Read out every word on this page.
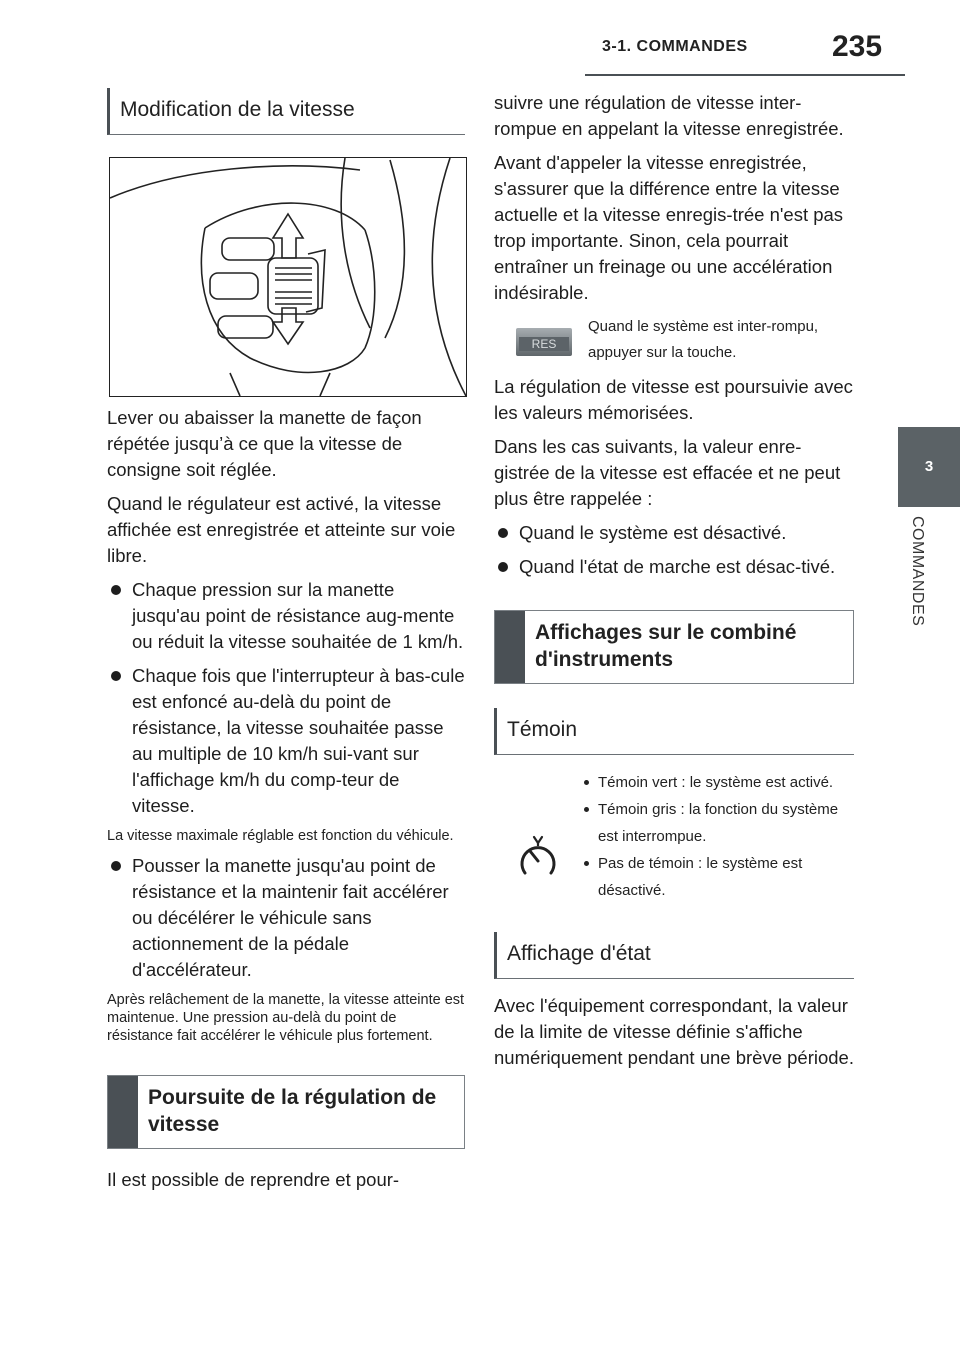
3-1. COMMANDES	235
3
COMMANDES
Modification de la vitesse

Lever ou abaisser la manette de façon répétée jusqu’à ce que la vitesse de consigne soit réglée.

Quand le régulateur est activé, la vitesse affichée est enregistrée et atteinte sur voie libre.

Chaque pression sur la manette jusqu'au point de résistance aug-mente ou réduit la vitesse souhaitée de 1 km/h.
Chaque fois que l'interrupteur à bas-cule est enfoncé au-delà du point de résistance, la vitesse souhaitée passe au multiple de 10 km/h sui-vant sur l'affichage km/h du comp-teur de vitesse.

La vitesse maximale réglable est fonction du véhicule.

Pousser la manette jusqu'au point de résistance et la maintenir fait accélérer ou décélérer le véhicule sans actionnement de la pédale d'accélérateur.

Après relâchement de la manette, la vitesse atteinte est maintenue. Une pression au-delà du point de résistance fait accélérer le véhicule plus fortement.

Poursuite de la régulation de vitesse

Il est possible de reprendre et pour-

suivre une régulation de vitesse inter-rompue en appelant la vitesse enregistrée.

Avant d'appeler la vitesse enregistrée, s'assurer que la différence entre la vitesse actuelle et la vitesse enregis-trée n'est pas trop importante. Sinon, cela pourrait entraîner un freinage ou une accélération indésirable.

RES
Quand le système est inter-rompu, appuyer sur la touche.

La régulation de vitesse est poursuivie avec les valeurs mémorisées.

Dans les cas suivants, la valeur enre-gistrée de la vitesse est effacée et ne peut plus être rappelée :

Quand le système est désactivé.
Quand l'état de marche est désac-tivé.
Affichages sur le combiné d'instruments
Témoin
Témoin vert : le système est activé.
Témoin gris : la fonction du système est interrompue.
Pas de témoin : le système est désactivé.
Affichage d'état

Avec l'équipement correspondant, la valeur de la limite de vitesse définie s'affiche numériquement pendant une brève période.
